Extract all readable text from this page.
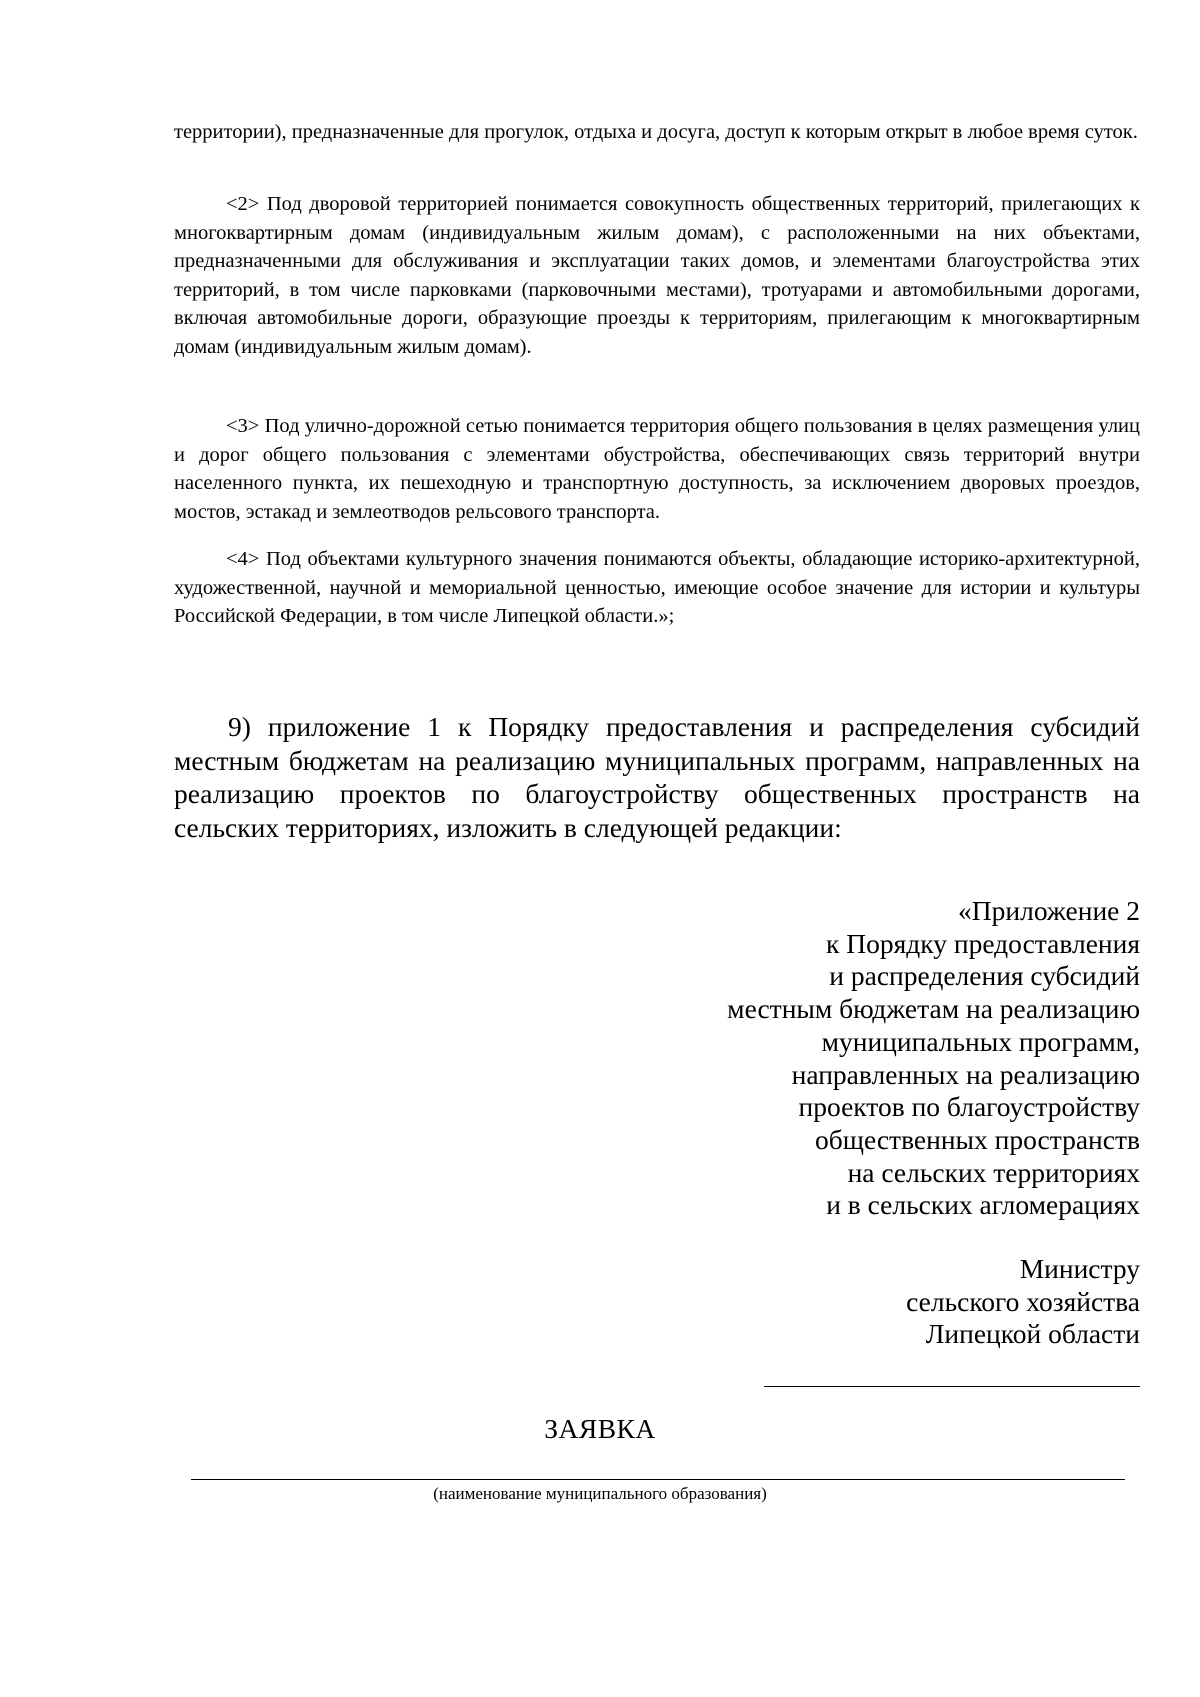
территории), предназначенные для прогулок, отдыха и досуга, доступ к которым открыт в любое время суток.

<2> Под дворовой территорией понимается совокупность общественных территорий, прилегающих к многоквартирным домам (индивидуальным жилым домам), с расположенными на них объектами, предназначенными для обслуживания и эксплуатации таких домов, и элементами благоустройства этих территорий, в том числе парковками (парковочными местами), тротуарами и автомобильными дорогами, включая автомобильные дороги, образующие проезды к территориям, прилегающим к многоквартирным домам (индивидуальным жилым домам).

<3> Под улично-дорожной сетью понимается территория общего пользования в целях размещения улиц и дорог общего пользования с элементами обустройства, обеспечивающих связь территорий внутри населенного пункта, их пешеходную и транспортную доступность, за исключением дворовых проездов, мостов, эстакад и землеотводов рельсового транспорта.

<4> Под объектами культурного значения понимаются объекты, обладающие историко-архитектурной, художественной, научной и мемориальной ценностью, имеющие особое значение для истории и культуры Российской Федерации, в том числе Липецкой области.»;

9) приложение 1 к Порядку предоставления и распределения субсидий местным бюджетам на реализацию муниципальных программ, направленных на реализацию проектов по благоустройству общественных пространств на сельских территориях, изложить в следующей редакции:

«Приложение 2
к Порядку предоставления
и распределения субсидий
местным бюджетам на реализацию
муниципальных программ,
направленных на реализацию
проектов по благоустройству
общественных пространств
на сельских территориях
и в сельских агломерациях
Министру
сельского хозяйства
Липецкой области
ЗАЯВКА
(наименование муниципального образования)
